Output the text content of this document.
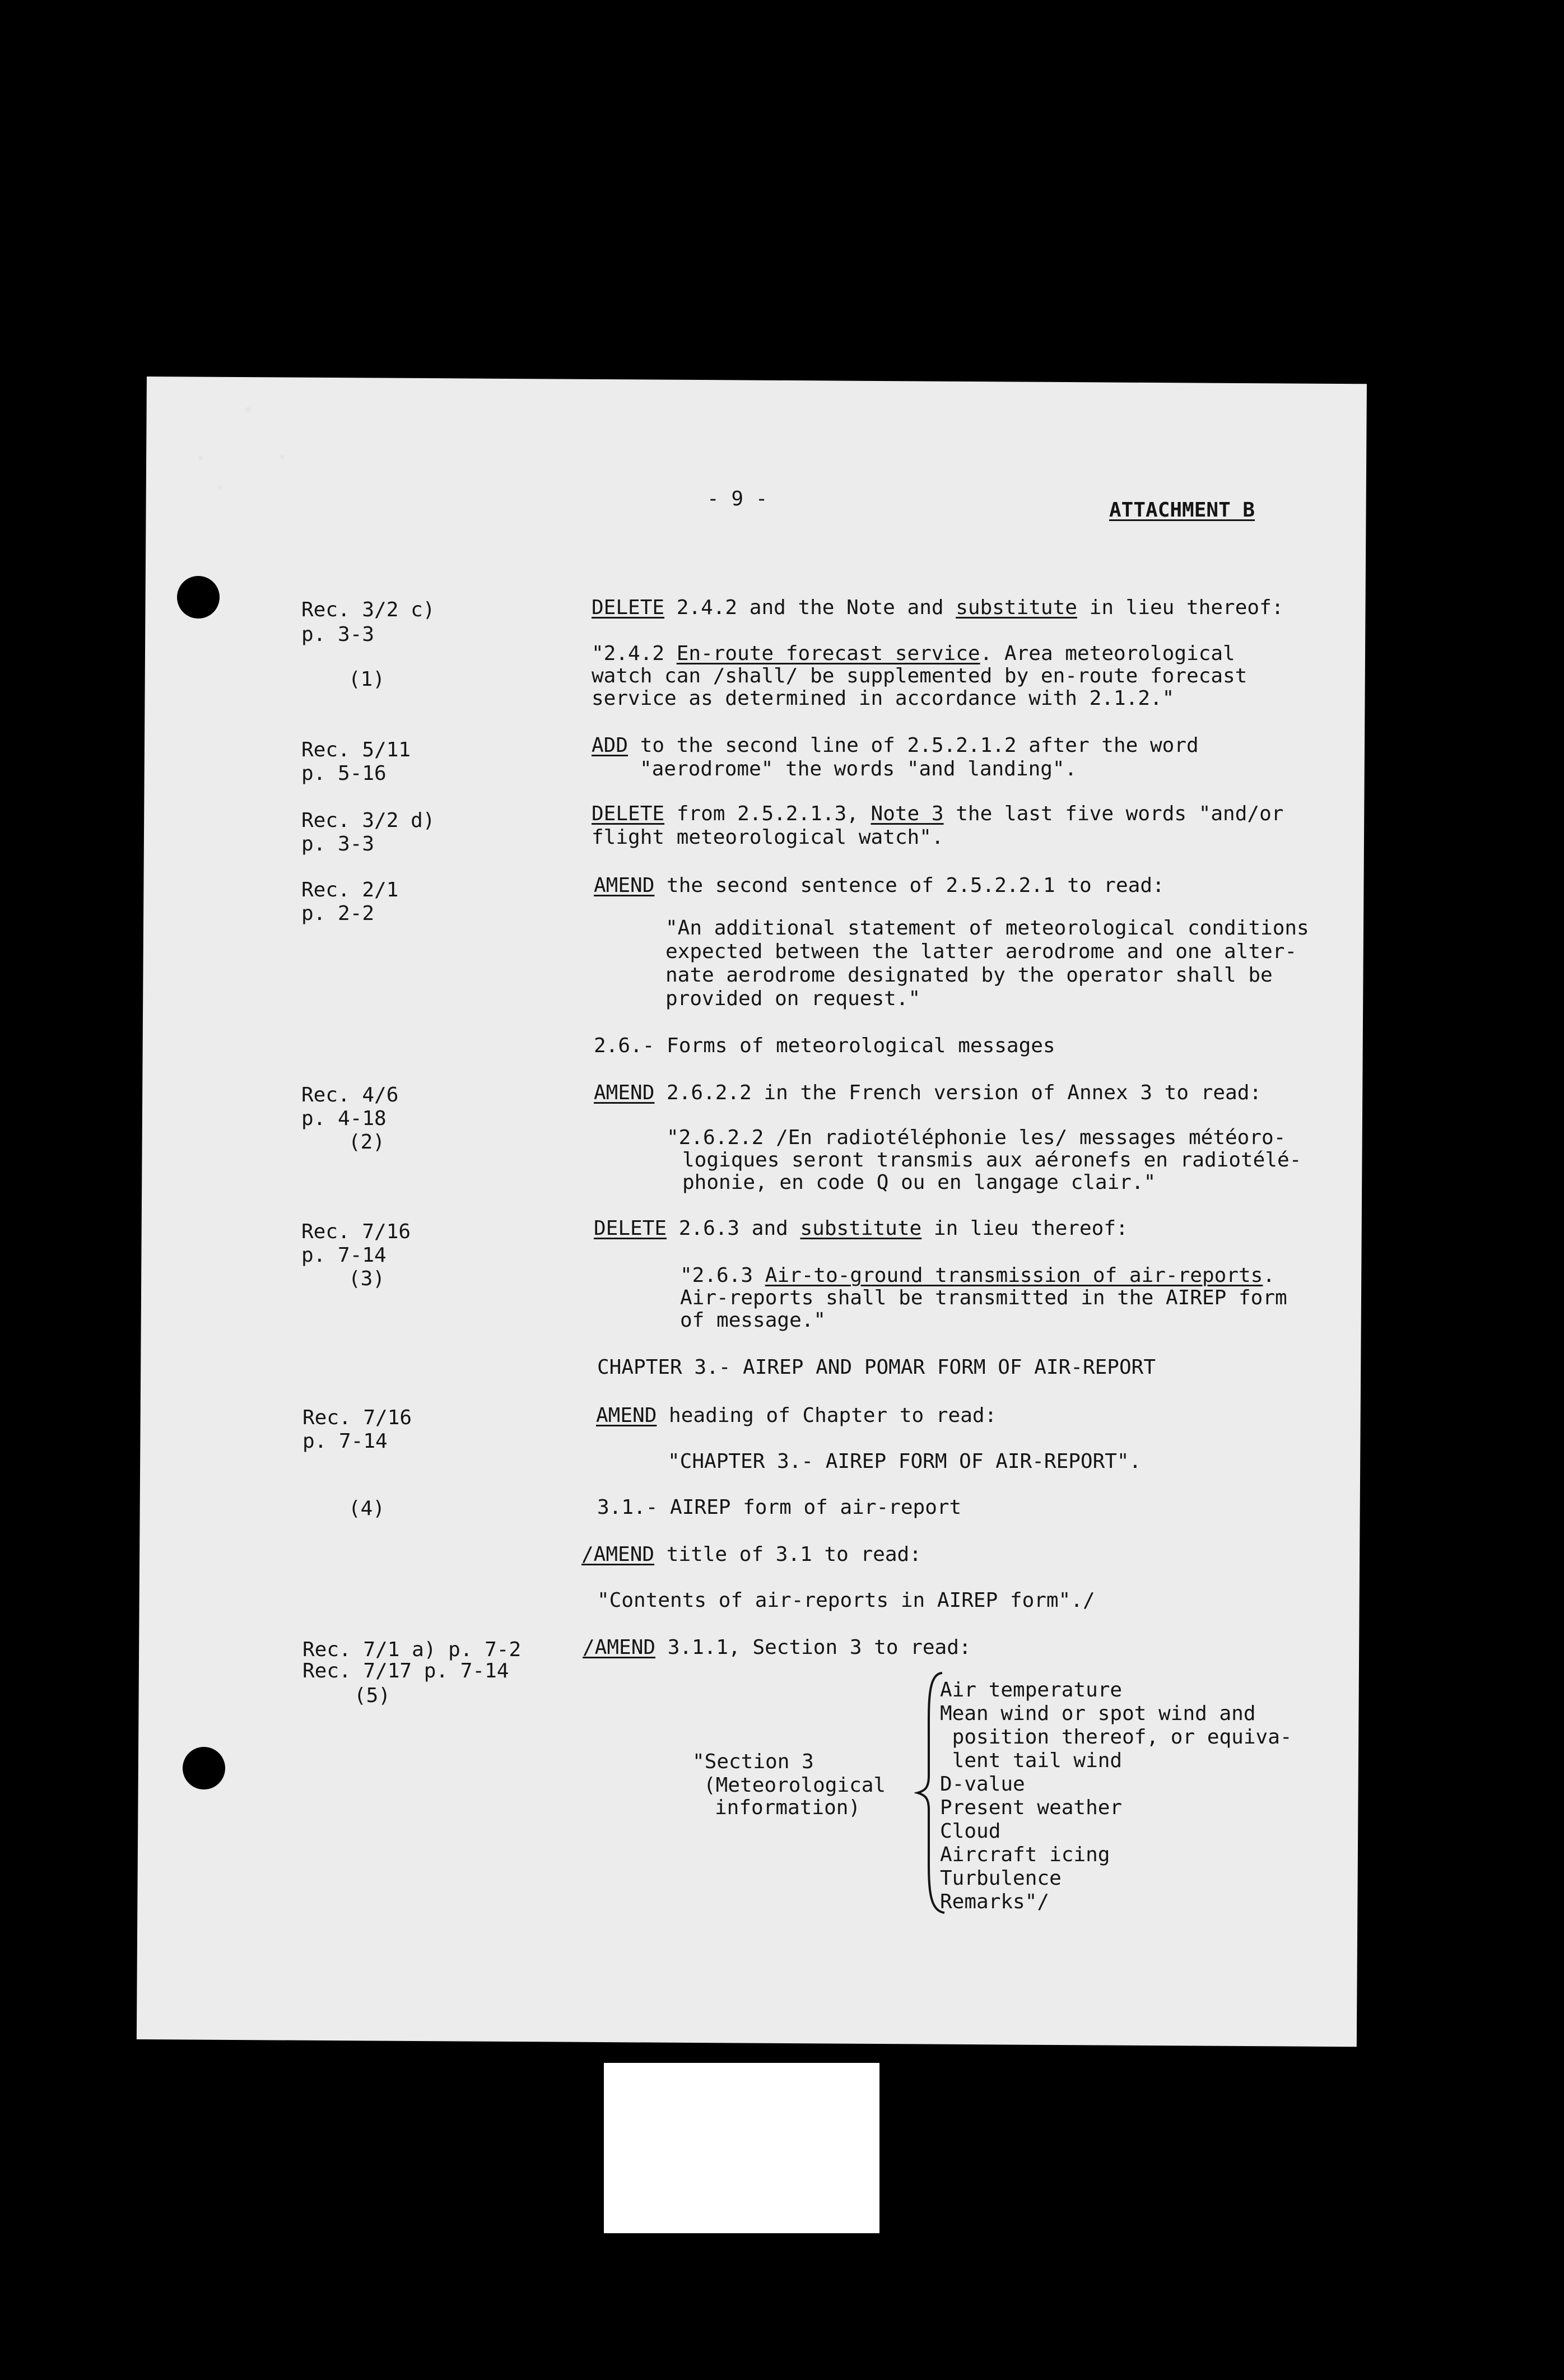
- 9 -	ATTACHMENT B
Rec. 3/2 c)
p. 3-3
(1)
DELETE 2.4.2 and the Note and substitute in lieu thereof:
"2.4.2 En-route forecast service. Area meteorological
watch can /shall/ be supplemented by en-route forecast
service as determined in accordance with 2.1.2."
Rec. 5/11
p. 5-16
ADD to the second line of 2.5.2.1.2 after the word
"aerodrome" the words "and landing".
Rec. 3/2 d)
p. 3-3
DELETE from 2.5.2.1.3, Note 3 the last five words "and/or
flight meteorological watch".
Rec. 2/1
p. 2-2
AMEND the second sentence of 2.5.2.2.1 to read:
"An additional statement of meteorological conditions
expected between the latter aerodrome and one alter-
nate aerodrome designated by the operator shall be
provided on request."
2.6.- Forms of meteorological messages
Rec. 4/6
p. 4-18
(2)
AMEND 2.6.2.2 in the French version of Annex 3 to read:
"2.6.2.2 /En radiotéléphonie les/ messages météoro-
logiques seront transmis aux aéronefs en radiotélé-
phonie, en code Q ou en langage clair."
Rec. 7/16
p. 7-14
(3)
DELETE 2.6.3 and substitute in lieu thereof:
"2.6.3 Air-to-ground transmission of air-reports.
Air-reports shall be transmitted in the AIREP form
of message."
CHAPTER 3.- AIREP AND POMAR FORM OF AIR-REPORT
Rec. 7/16
p. 7-14
AMEND heading of Chapter to read:
"CHAPTER 3.- AIREP FORM OF AIR-REPORT".
(4)	3.1.- AIREP form of air-report
/AMEND title of 3.1 to read:
"Contents of air-reports in AIREP form"./
Rec. 7/1 a) p. 7-2
Rec. 7/17 p. 7-14
(5)
/AMEND 3.1.1, Section 3 to read:
"Section 3
(Meteorological
information)
Air temperature
Mean wind or spot wind and
position thereof, or equiva-
lent tail wind
D-value
Present weather
Cloud
Aircraft icing
Turbulence
Remarks"/
